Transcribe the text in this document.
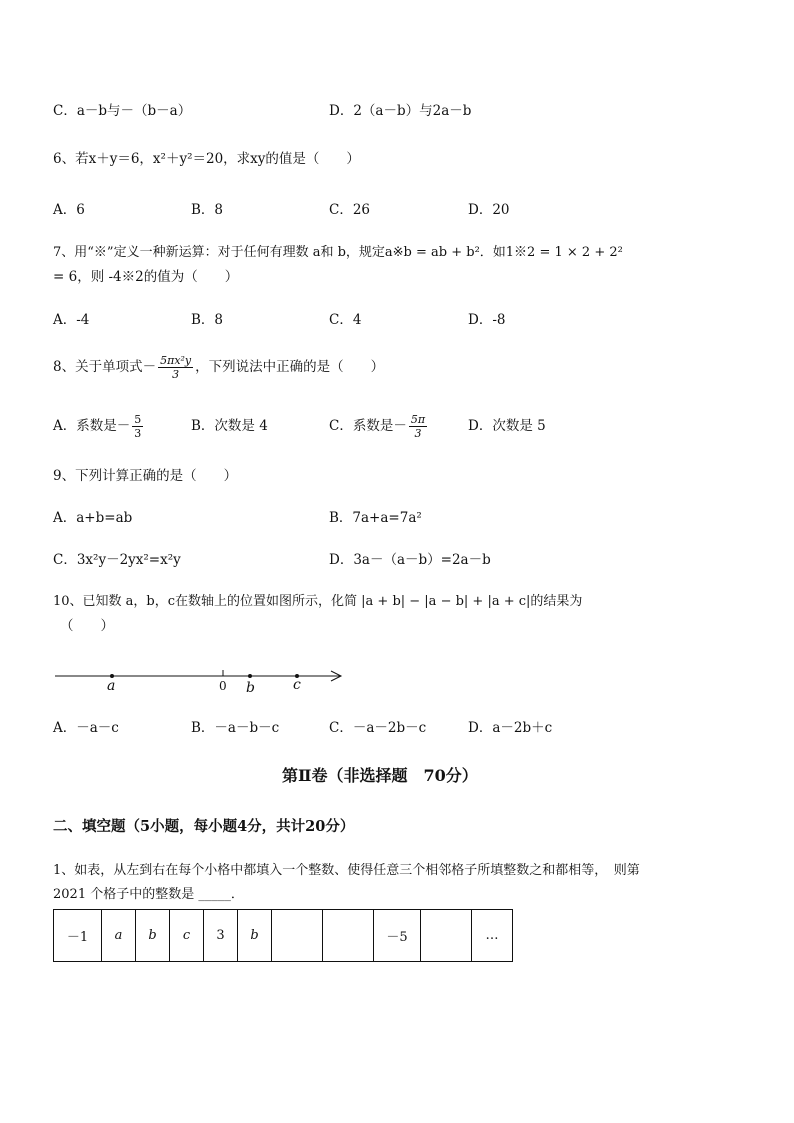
C．a－b与－（b－a）	D．2（a－b）与2a－b
6、若x＋y＝6，x²＋y²＝20，求xy的值是（　　）
A．6	B．8	C．26	D．20
7、用“※”定义一种新运算：对于任何有理数 a和 b，规定a※b = ab + b²．如1※2 = 1 × 2 + 2²
= 6，则 -4※2的值为（　　）
A．-4	B．8	C．4	D．-8
8、关于单项式－ $\frac{\text{5πx²y}}{3}$ ，下列说法中正确的是（　　）
A．系数是－ $\frac{5}{3}$	B．次数是 4	C．系数是－ $\frac{5\pi}{3}$	D．次数是 5
9、下列计算正确的是（　　）
A．a+b=ab	B．7a+a=7a²
C．3x²y－2yx²=x²y	D．3a－（a－b）=2a－b
10、已知数 a，b，c在数轴上的位置如图所示，化简 |a + b| − |a − b| + |a + c|的结果为
（　　）
a	0 b	c
A．－a－c	B．－a－b－c	C．－a－2b－c	D．a－2b＋c
第Ⅱ卷（非选择题　70分）
二、填空题（5小题，每小题4分，共计20分）
1、如表，从左到右在每个小格中都填入一个整数、使得任意三个相邻格子所填整数之和都相等，　则第
2021 个格子中的整数是 _____．
－1	a	b	c	3	b			－5		…
